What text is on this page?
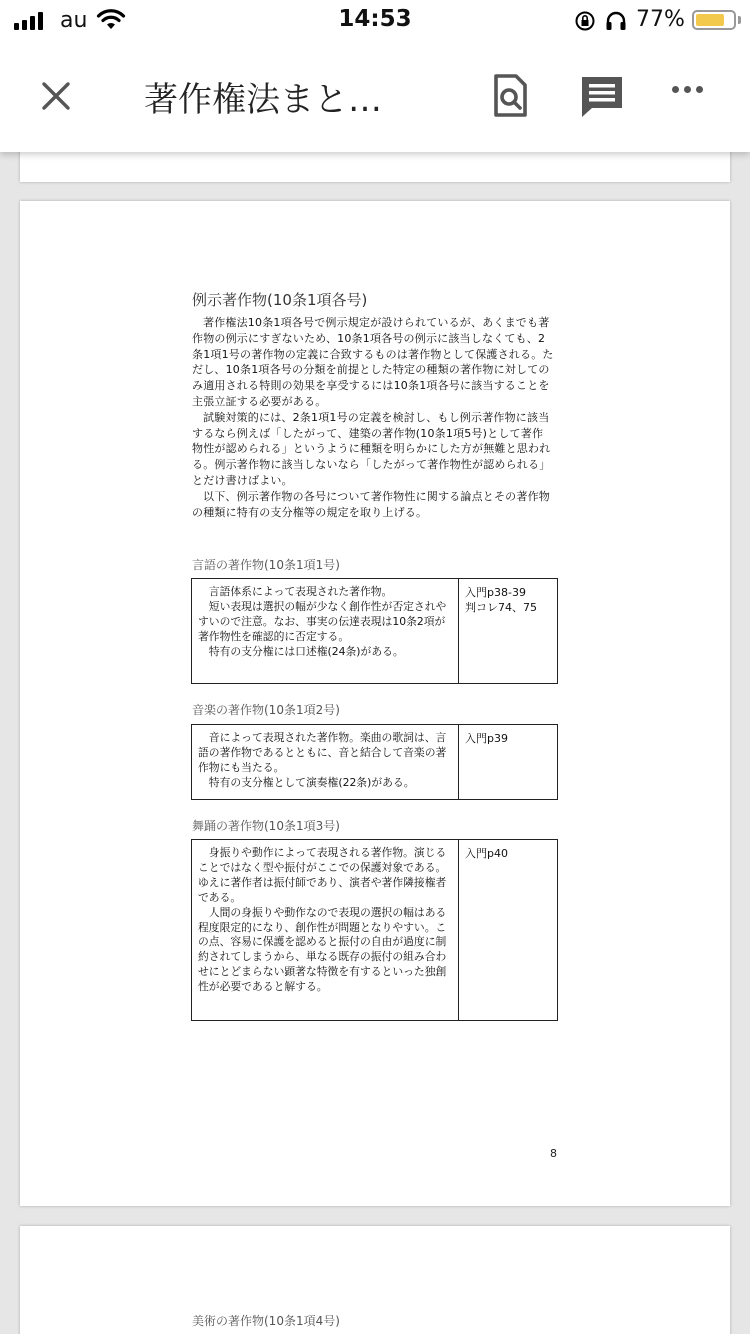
au	14:53	77%
著作権法まと…
例示著作物(10条1項各号)

著作権法10条1項各号で例示規定が設けられているが、あくまでも著作物の例示にすぎないため、10条1項各号の例示に該当しなくても、2条1項1号の著作物の定義に合致するものは著作物として保護される。ただし、10条1項各号の分類を前提とした特定の種類の著作物に対してのみ適用される特則の効果を享受するには10条1項各号に該当することを主張立証する必要がある。

試験対策的には、2条1項1号の定義を検討し、もし例示著作物に該当するなら例えば「したがって、建築の著作物(10条1項5号)として著作物性が認められる」というように種類を明らかにした方が無難と思われる。例示著作物に該当しないなら「したがって著作物性が認められる」とだけ書けばよい。

以下、例示著作物の各号について著作物性に関する論点とその著作物の種類に特有の支分権等の規定を取り上げる。

言語の著作物(10条1項1号)

言語体系によって表現された著作物。

短い表現は選択の幅が少なく創作性が否定されやすいので注意。なお、事実の伝達表現は10条2項が著作物性を確認的に否定する。

特有の支分権には口述権(24条)がある。

入門p38-39
判コレ74、75
音楽の著作物(10条1項2号)

音によって表現された著作物。楽曲の歌詞は、言語の著作物であるとともに、音と結合して音楽の著作物にも当たる。

特有の支分権として演奏権(22条)がある。

入門p39
舞踊の著作物(10条1項3号)

身振りや動作によって表現される著作物。演じることではなく型や振付がここでの保護対象である。ゆえに著作者は振付師であり、演者や著作隣接権者である。

人間の身振りや動作なので表現の選択の幅はある程度限定的になり、創作性が問題となりやすい。この点、容易に保護を認めると振付の自由が過度に制約されてしまうから、単なる既存の振付の組み合わせにとどまらない顕著な特徴を有するといった独創性が必要であると解する。

入門p40
8
美術の著作物(10条1項4号)
